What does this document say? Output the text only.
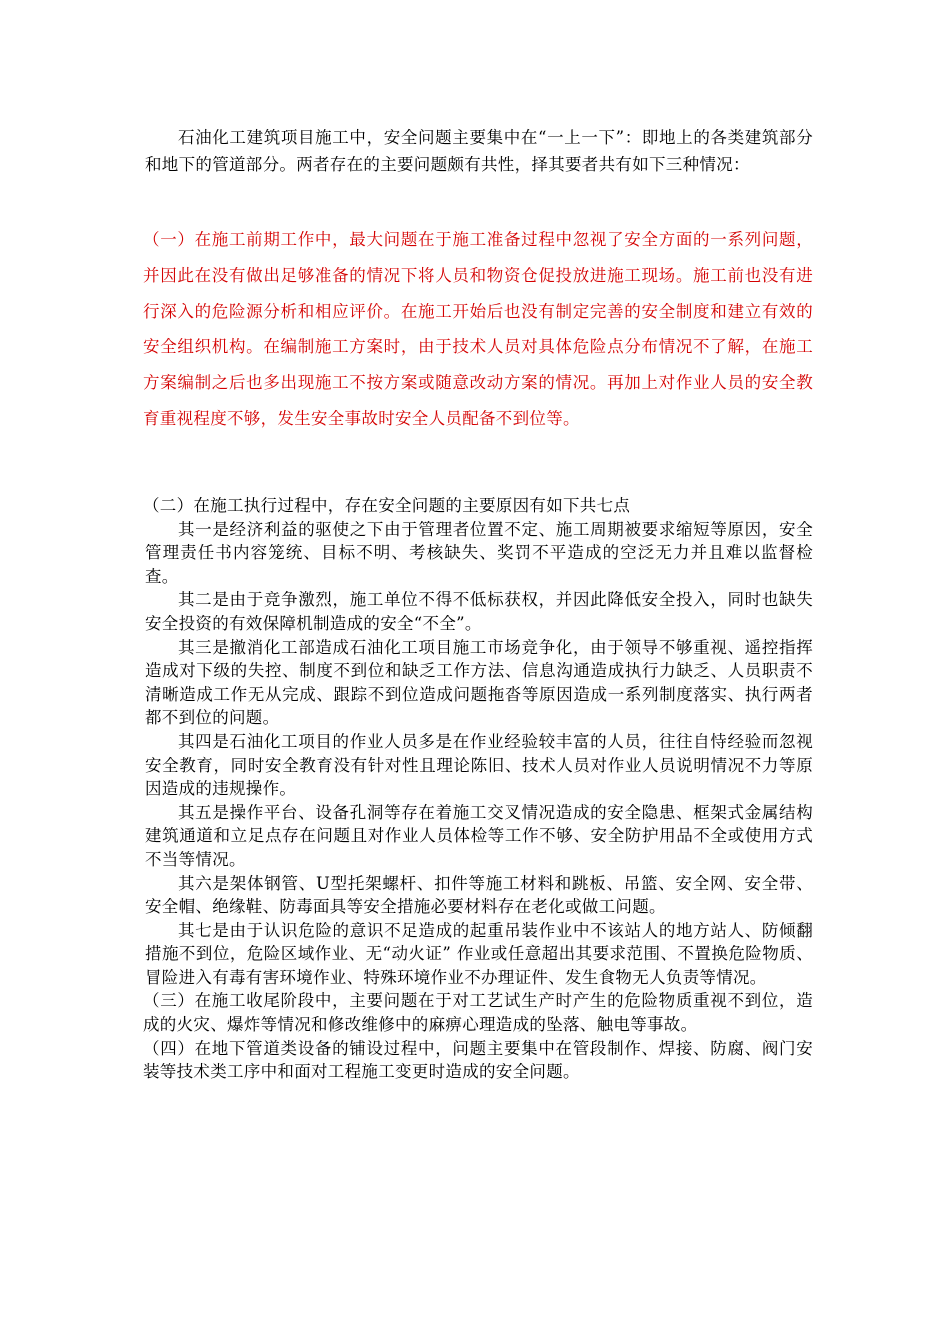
石油化工建筑项目施工中，安全问题主要集中在“一上一下”：即地上的各类建筑部分和地下的管道部分。两者存在的主要问题颇有共性，择其要者共有如下三种情况：

（一）在施工前期工作中，最大问题在于施工准备过程中忽视了安全方面的一系列问题，并因此在没有做出足够准备的情况下将人员和物资仓促投放进施工现场。施工前也没有进行深入的危险源分析和相应评价。在施工开始后也没有制定完善的安全制度和建立有效的安全组织机构。在编制施工方案时，由于技术人员对具体危险点分布情况不了解，在施工方案编制之后也多出现施工不按方案或随意改动方案的情况。再加上对作业人员的安全教育重视程度不够，发生安全事故时安全人员配备不到位等。

（二）在施工执行过程中，存在安全问题的主要原因有如下共七点

其一是经济利益的驱使之下由于管理者位置不定、施工周期被要求缩短等原因，安全管理责任书内容笼统、目标不明、考核缺失、奖罚不平造成的空泛无力并且难以监督检查。

其二是由于竞争激烈，施工单位不得不低标获权，并因此降低安全投入，同时也缺失安全投资的有效保障机制造成的安全“不全”。

其三是撤消化工部造成石油化工项目施工市场竞争化，由于领导不够重视、遥控指挥造成对下级的失控、制度不到位和缺乏工作方法、信息沟通造成执行力缺乏、人员职责不清晰造成工作无从完成、跟踪不到位造成问题拖沓等原因造成一系列制度落实、执行两者都不到位的问题。

其四是石油化工项目的作业人员多是在作业经验较丰富的人员，往往自恃经验而忽视安全教育，同时安全教育没有针对性且理论陈旧、技术人员对作业人员说明情况不力等原因造成的违规操作。

其五是操作平台、设备孔洞等存在着施工交叉情况造成的安全隐患、框架式金属结构建筑通道和立足点存在问题且对作业人员体检等工作不够、安全防护用品不全或使用方式不当等情况。

其六是架体钢管、U型托架螺杆、扣件等施工材料和跳板、吊篮、安全网、安全带、安全帽、绝缘鞋、防毒面具等安全措施必要材料存在老化或做工问题。

其七是由于认识危险的意识不足造成的起重吊装作业中不该站人的地方站人、防倾翻措施不到位，危险区域作业、无“动火证” 作业或任意超出其要求范围、不置换危险物质、冒险进入有毒有害环境作业、特殊环境作业不办理证件、发生食物无人负责等情况。

（三）在施工收尾阶段中，主要问题在于对工艺试生产时产生的危险物质重视不到位，造成的火灾、爆炸等情况和修改维修中的麻痹心理造成的坠落、触电等事故。

（四）在地下管道类设备的铺设过程中，问题主要集中在管段制作、焊接、防腐、阀门安装等技术类工序中和面对工程施工变更时造成的安全问题。
